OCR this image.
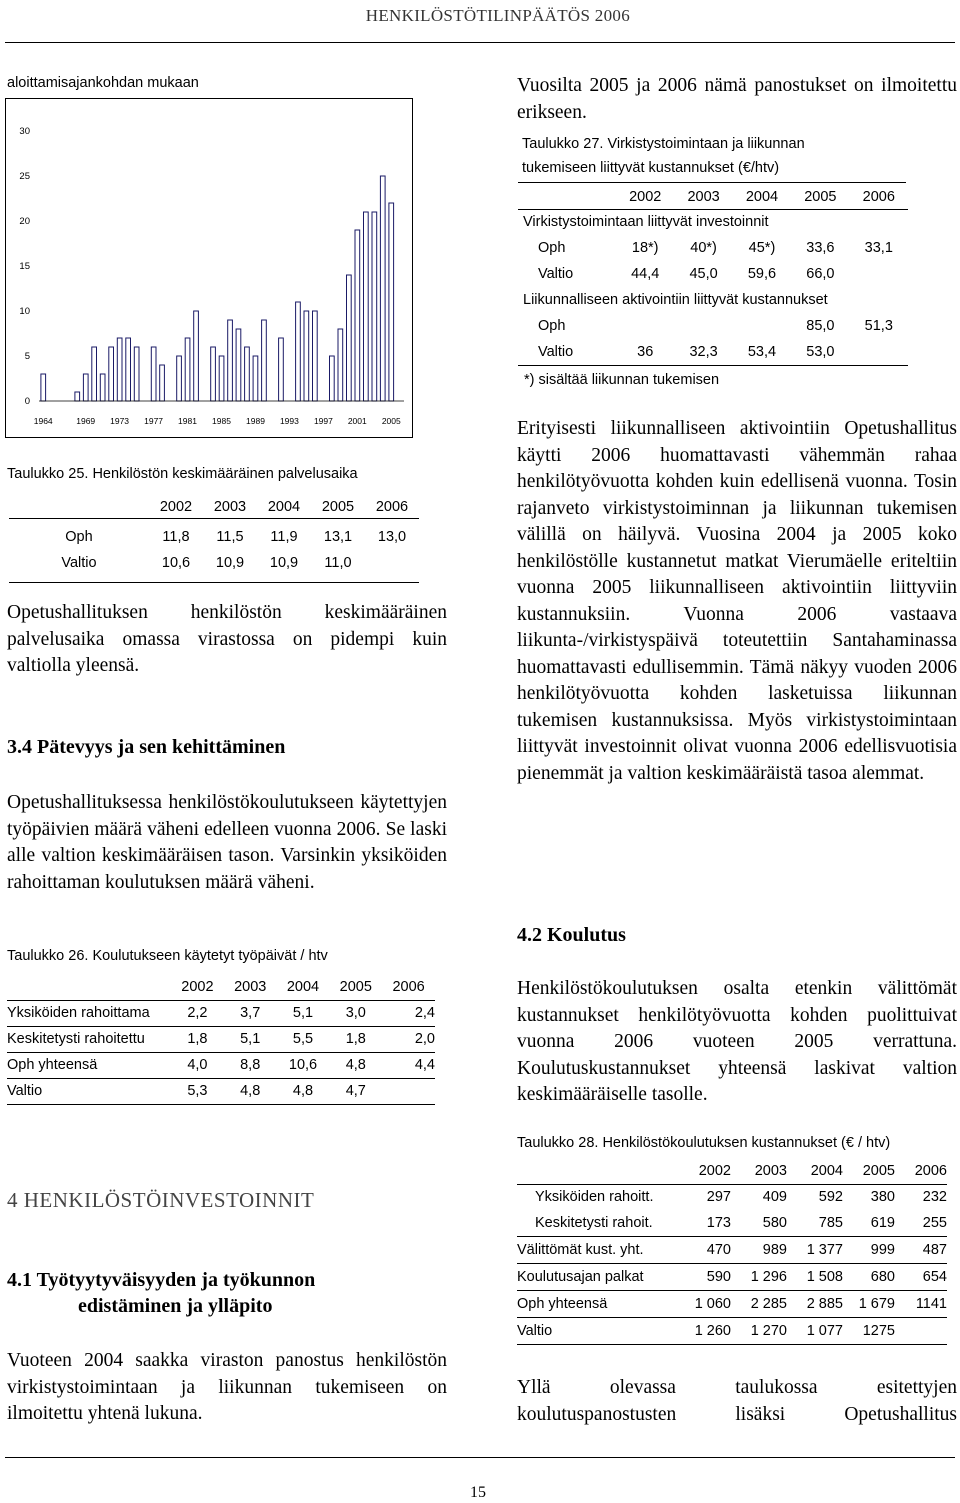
HENKILÖSTÖTILINPÄÄTÖS 2006
aloittamisajankohdan mukaan
0
5
10
15
20
25
30
1964	1969 1973 1977 1981 1985 1989 1993 1997 2001 2005
Taulukko 25. Henkilöstön keskimääräinen palvelusaika
	2002	2003	2004	2005	2006

Oph	11,8	11,5	11,9	13,1	13,0
Valtio	10,6	10,9	10,9	11,0	

Opetushallituksen henkilöstön keskimääräinen palvelusaika omassa virastossa on pidempi kuin valtiolla yleensä.
3.4 Pätevyys ja sen kehittäminen
Opetushallituksessa henkilöstökoulutukseen käytettyjen työpäivien määrä väheni edelleen vuonna 2006. Se laski alle valtion keskimääräisen tason. Varsinkin yksiköiden rahoittaman koulutuksen määrä väheni.
Taulukko 26. Koulutukseen käytetyt työpäivät / htv
	2002	2003	2004	2005	2006
Yksiköiden rahoittama	2,2	3,7	5,1	3,0	2,4
Keskitetysti rahoitettu	1,8	5,1	5,5	1,8	2,0
Oph yhteensä	4,0	8,8	10,6	4,8	4,4
Valtio	5,3	4,8	4,8	4,7	
4 HENKILÖSTÖINVESTOINNIT
4.1 Työtyytyväisyyden ja työkunnon
edistäminen ja ylläpito
Vuoteen 2004 saakka viraston panostus henkilöstön virkistystoimintaan ja liikunnan tukemiseen on ilmoitettu yhtenä lukuna.
Vuosilta 2005 ja 2006 nämä panostukset on ilmoitettu erikseen.
Taulukko 27. Virkistystoimintaan ja liikunnan
tukemiseen liittyvät kustannukset (€/htv)
	2002	2003	2004	2005	2006
Virkistystoimintaan liittyvät investoinnit					
Oph	18*)	40*)	45*)	33,6	33,1
Valtio	44,4	45,0	59,6	66,0	
Liikunnalliseen aktivointiin liittyvät kustannukset					
Oph				85,0	51,3
Valtio	36	32,3	53,4	53,0	
*) sisältää liikunnan tukemisen
Erityisesti liikunnalliseen aktivointiin Opetushallitus käytti 2006 huomattavasti vähemmän rahaa henkilötyövuotta kohden kuin edellisenä vuonna. Tosin rajanveto virkistystoiminnan ja liikunnan tukemisen välillä on häilyvä. Vuosina 2004 ja 2005 koko henkilöstölle kustannetut matkat Vierumäelle eriteltiin vuonna 2005 liikunnalliseen aktivointiin liittyviin kustannuksiin. Vuonna 2006 vastaava liikunta-/virkistyspäivä toteutettiin Santahaminassa huomattavasti edullisemmin. Tämä näkyy vuoden 2006 henkilötyövuotta kohden lasketuissa liikunnan tukemisen kustannuksissa. Myös virkistystoimintaan liittyvät investoinnit olivat vuonna 2006 edellisvuotisia pienemmät ja valtion keskimääräistä tasoa alemmat.
4.2 Koulutus
Henkilöstökoulutuksen osalta etenkin välittömät kustannukset henkilötyövuotta kohden puolittuivat vuonna 2006 vuoteen 2005 verrattuna. Koulutuskustannukset yhteensä laskivat valtion keskimääräiselle tasolle.
Taulukko 28. Henkilöstökoulutuksen kustannukset (€ / htv)
	2002	2003	2004	2005	2006
Yksiköiden rahoitt.	297	409	592	380	232
Keskitetysti rahoit.	173	580	785	619	255
Välittömät kust. yht.	470	989	1 377	999	487
Koulutusajan palkat	590	1 296	1 508	680	654
Oph yhteensä	1 060	2 285	2 885	1 679	1141
Valtio	1 260	1 270	1 077	1275	
Yllä olevassa taulukossa esitettyjen koulutuspanostusten lisäksi Opetushallitus
15
